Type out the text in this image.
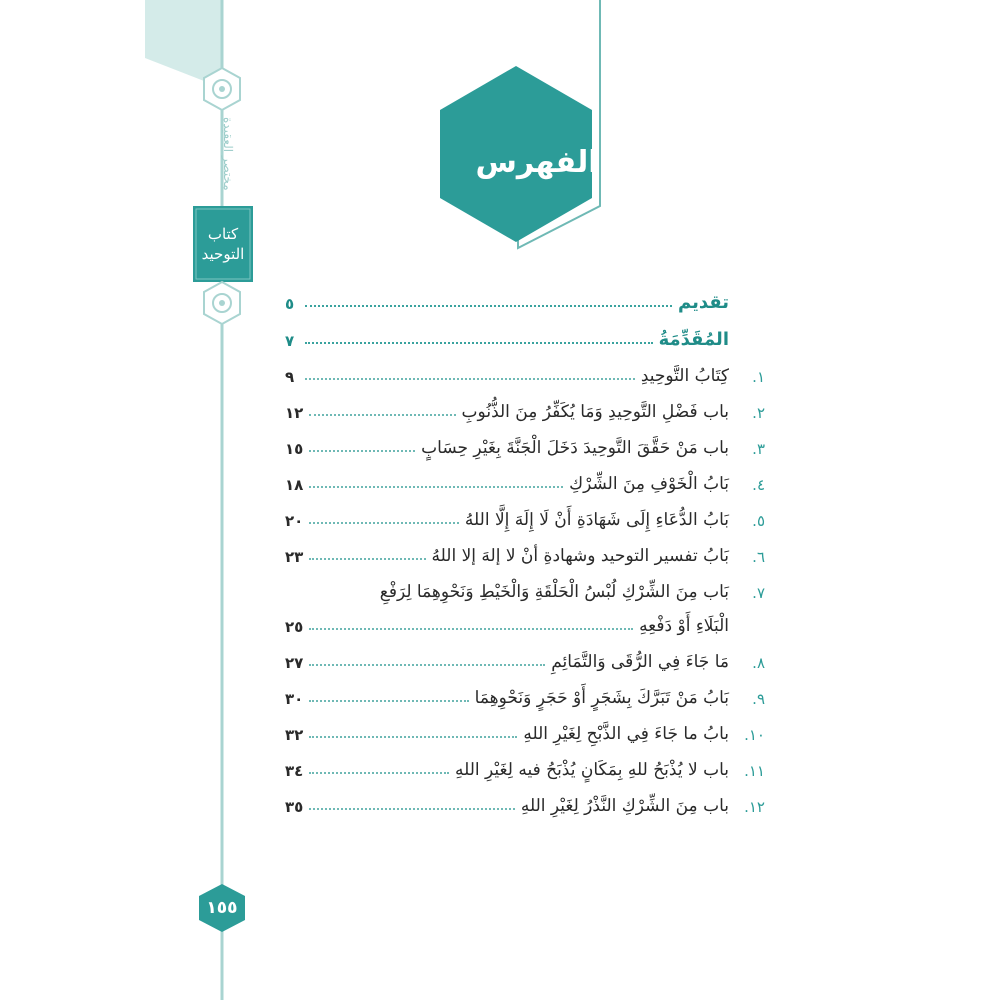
مختصر العقيدة
كتاب
التوحيد
١٥٥
الفهرس
تقديم
٥
المُقَدِّمَةُ
٧
١.
كِتَابُ التَّوحِيدِ
٩
٢.
باب فَضْلِ التَّوحِيدِ وَمَا يُكَفِّرُ مِنَ الذُّنُوبِ
١٢
٣.
باب مَنْ حَقَّقَ التَّوحِيدَ دَخَلَ الْجَنَّةَ بِغَيْرِ حِسَابٍ
١٥
٤.
بَابُ الْخَوْفِ مِنَ الشِّرْكِ
١٨
٥.
بَابُ الدُّعَاءِ إِلَى شَهَادَةِ أَنْ لَا إِلَهَ إِلَّا اللهُ
٢٠
٦.
بَابُ تفسير التوحيد وشهادةِ أنْ لا إلهَ إلا اللهُ
٢٣
٧.
بَاب مِنَ الشِّرْكِ لُبْسُ الْحَلْقَةِ وَالْخَيْطِ وَنَحْوِهِمَا لِرَفْعِ
الْبَلَاءِ أَوْ دَفْعِهِ
٢٥
٨.
مَا جَاءَ فِي الرُّقَى وَالتَّمَائِمِ
٢٧
٩.
بَابُ مَنْ تَبَرَّكَ بِشَجَرٍ أَوْ حَجَرٍ وَنَحْوِهِمَا
٣٠
١٠.
بابُ ما جَاءَ فِي الذَّبْحِ لِغَيْرِ اللهِ
٣٢
١١.
باب لا يُذْبَحُ للهِ بِمَكَانٍ يُذْبَحُ فيه لِغَيْرِ اللهِ
٣٤
١٢.
باب مِنَ الشِّرْكِ النَّذْرُ لِغَيْرِ اللهِ
٣٥
